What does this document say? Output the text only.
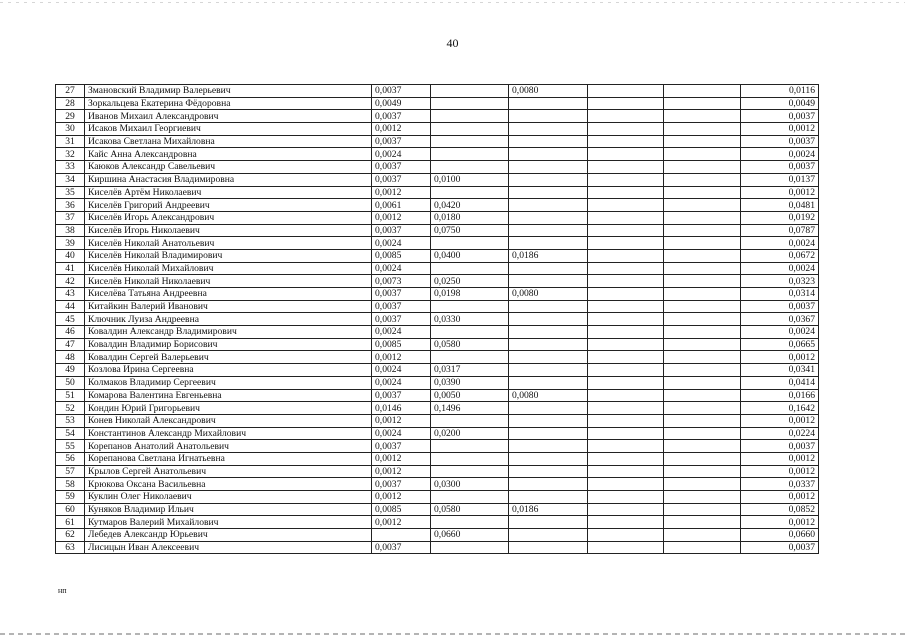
40
27	Змановский Владимир Валерьевич	0,0037		0,0080			0,0116
28	Зоркальцева Екатерина Фёдоровна	0,0049					0,0049
29	Иванов Михаил Александрович	0,0037					0,0037
30	Исаков Михаил Георгиевич	0,0012					0,0012
31	Исакова Светлана Михайловна	0,0037					0,0037
32	Кайс Анна Александровна	0,0024					0,0024
33	Каюков Александр Савельевич	0,0037					0,0037
34	Киршина Анастасия Владимировна	0,0037	0,0100				0,0137
35	Киселёв Артём Николаевич	0,0012					0,0012
36	Киселёв Григорий Андреевич	0,0061	0,0420				0,0481
37	Киселёв Игорь Александрович	0,0012	0,0180				0,0192
38	Киселёв Игорь Николаевич	0,0037	0,0750				0,0787
39	Киселёв Николай Анатольевич	0,0024					0,0024
40	Киселёв Николай Владимирович	0,0085	0,0400	0,0186			0,0672
41	Киселёв Николай Михайлович	0,0024					0,0024
42	Киселёв Николай Николаевич	0,0073	0,0250				0,0323
43	Киселёва Татьяна Андреевна	0,0037	0,0198	0,0080			0,0314
44	Китайкин Валерий Иванович	0,0037					0,0037
45	Ключник Луиза Андреевна	0,0037	0,0330				0,0367
46	Ковалдин Александр Владимирович	0,0024					0,0024
47	Ковалдин Владимир Борисович	0,0085	0,0580				0,0665
48	Ковалдин Сергей Валерьевич	0,0012					0,0012
49	Козлова Ирина Сергеевна	0,0024	0,0317				0,0341
50	Колмаков Владимир Сергеевич	0,0024	0,0390				0,0414
51	Комарова Валентина Евгеньевна	0,0037	0,0050	0,0080			0,0166
52	Кондин Юрий Григорьевич	0,0146	0,1496				0,1642
53	Конев Николай Александрович	0,0012					0,0012
54	Константинов Александр Михайлович	0,0024	0,0200				0,0224
55	Корепанов Анатолий Анатольевич	0,0037					0,0037
56	Корепанова Светлана Игнатьевна	0,0012					0,0012
57	Крылов Сергей Анатольевич	0,0012					0,0012
58	Крюкова Оксана Васильевна	0,0037	0,0300				0,0337
59	Куклин Олег Николаевич	0,0012					0,0012
60	Куняков Владимир Ильич	0,0085	0,0580	0,0186			0,0852
61	Кутмаров Валерий Михайлович	0,0012					0,0012
62	Лебедев Александр Юрьевич		0,0660				0,0660
63	Лисицын Иван Алексеевич	0,0037					0,0037
нп
